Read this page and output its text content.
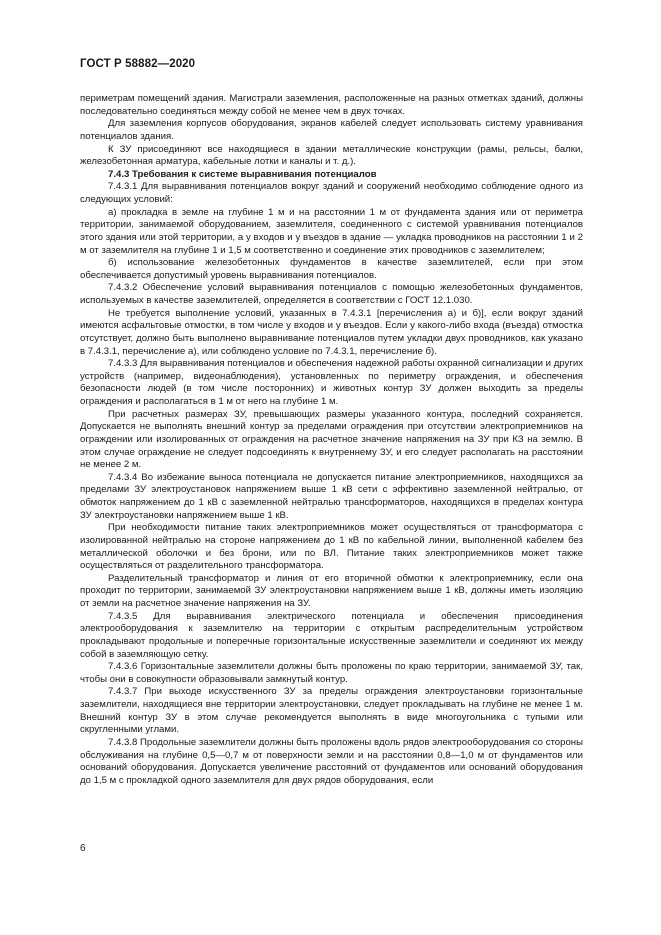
ГОСТ Р 58882—2020

периметрам помещений здания. Магистрали заземления, расположенные на разных отметках зданий, должны последовательно соединяться между собой не менее чем в двух точках.

Для заземления корпусов оборудования, экранов кабелей следует использовать систему уравнивания потенциалов здания.

К ЗУ присоединяют все находящиеся в здании металлические конструкции (рамы, рельсы, балки, железобетонная арматура, кабельные лотки и каналы и т. д.).

7.4.3 Требования к системе выравнивания потенциалов

7.4.3.1 Для выравнивания потенциалов вокруг зданий и сооружений необходимо соблюдение одного из следующих условий:

а) прокладка в земле на глубине 1 м и на расстоянии 1 м от фундамента здания или от периметра территории, занимаемой оборудованием, заземлителя, соединенного с системой уравнивания потенциалов этого здания или этой территории, а у входов и у въездов в здание — укладка проводников на расстоянии 1 и 2 м от заземлителя на глубине 1 и 1,5 м соответственно и соединение этих проводников с заземлителем;

б) использование железобетонных фундаментов в качестве заземлителей, если при этом обеспечивается допустимый уровень выравнивания потенциалов.

7.4.3.2 Обеспечение условий выравнивания потенциалов с помощью железобетонных фундаментов, используемых в качестве заземлителей, определяется в соответствии с ГОСТ 12.1.030.

Не требуется выполнение условий, указанных в 7.4.3.1 [перечисления а) и б)], если вокруг зданий имеются асфальтовые отмостки, в том числе у входов и у въездов. Если у какого-либо входа (въезда) отмостка отсутствует, должно быть выполнено выравнивание потенциалов путем укладки двух проводников, как указано в 7.4.3.1, перечисление а), или соблюдено условие по 7.4.3.1, перечисление б).

7.4.3.3 Для выравнивания потенциалов и обеспечения надежной работы охранной сигнализации и других устройств (например, видеонаблюдения), установленных по периметру ограждения, и обеспечения безопасности людей (в том числе посторонних) и животных контур ЗУ должен выходить за пределы ограждения и располагаться в 1 м от него на глубине 1 м.

При расчетных размерах ЗУ, превышающих размеры указанного контура, последний сохраняется. Допускается не выполнять внешний контур за пределами ограждения при отсутствии электроприемников на ограждении или изолированных от ограждения на расчетное значение напряжения на ЗУ при КЗ на землю. В этом случае ограждение не следует подсоединять к внутреннему ЗУ, и его следует располагать на расстоянии не менее 2 м.

7.4.3.4 Во избежание выноса потенциала не допускается питание электроприемников, находящихся за пределами ЗУ электроустановок напряжением выше 1 кВ сети с эффективно заземленной нейтралью, от обмоток напряжением до 1 кВ с заземленной нейтралью трансформаторов, находящихся в пределах контура ЗУ электроустановки напряжением выше 1 кВ.

При необходимости питание таких электроприемников может осуществляться от трансформатора с изолированной нейтралью на стороне напряжением до 1 кВ по кабельной линии, выполненной кабелем без металлической оболочки и без брони, или по ВЛ. Питание таких электроприемников может также осуществляться от разделительного трансформатора.

Разделительный трансформатор и линия от его вторичной обмотки к электроприемнику, если она проходит по территории, занимаемой ЗУ электроустановки напряжением выше 1 кВ, должны иметь изоляцию от земли на расчетное значение напряжения на ЗУ.

7.4.3.5 Для выравнивания электрического потенциала и обеспечения присоединения электрооборудования к заземлителю на территории с открытым распределительным устройством прокладывают продольные и поперечные горизонтальные искусственные заземлители и соединяют их между собой в заземляющую сетку.

7.4.3.6 Горизонтальные заземлители должны быть проложены по краю территории, занимаемой ЗУ, так, чтобы они в совокупности образовывали замкнутый контур.

7.4.3.7 При выходе искусственного ЗУ за пределы ограждения электроустановки горизонтальные заземлители, находящиеся вне территории электроустановки, следует прокладывать на глубине не менее 1 м. Внешний контур ЗУ в этом случае рекомендуется выполнять в виде многоугольника с тупыми или скругленными углами.

7.4.3.8 Продольные заземлители должны быть проложены вдоль рядов электрооборудования со стороны обслуживания на глубине 0,5—0,7 м от поверхности земли и на расстоянии 0,8—1,0 м от фундаментов или оснований оборудования. Допускается увеличение расстояний от фундаментов или оснований оборудования до 1,5 м с прокладкой одного заземлителя для двух рядов оборудования, если

6
